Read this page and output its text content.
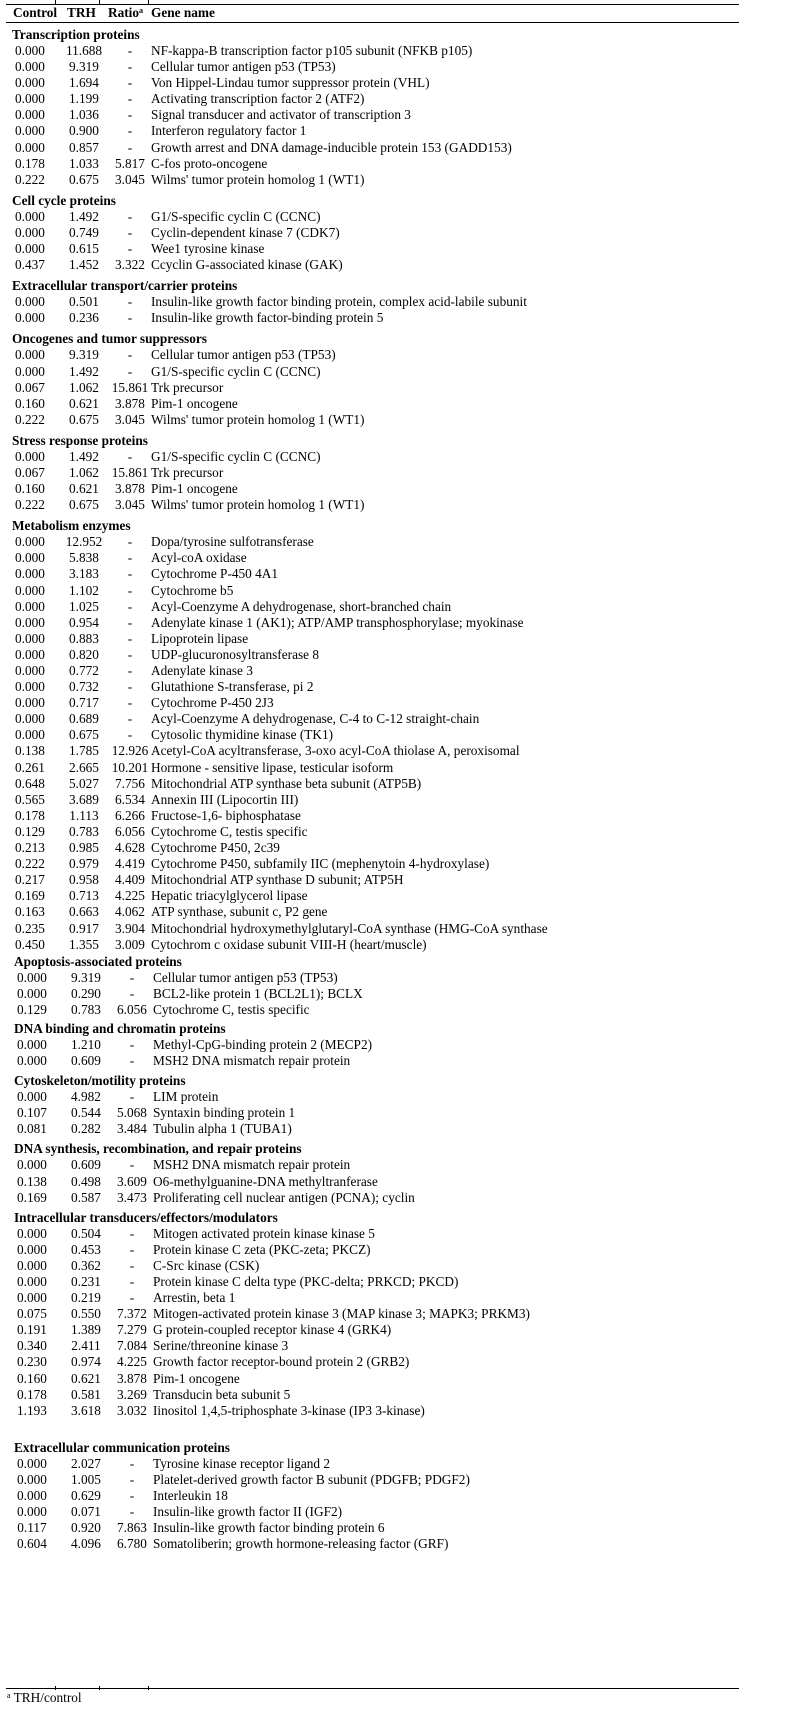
Control TRH Ratio$^a$ Gene name
Transcription proteins
0.000	11.688	-	NF-kappa-B transcription factor p105 subunit (NFKB p105)
0.000	9.319	-	Cellular tumor antigen p53 (TP53)
0.000	1.694	-	Von Hippel-Lindau tumor suppressor protein (VHL)
0.000	1.199	-	Activating transcription factor 2 (ATF2)
0.000	1.036	-	Signal transducer and activator of transcription 3
0.000	0.900	-	Interferon regulatory factor 1
0.000	0.857	-	Growth arrest and DNA damage-inducible protein 153 (GADD153)
0.178	1.033	5.817 C-fos proto-oncogene
0.222	0.675	3.045 Wilms' tumor protein homolog 1 (WT1)
Cell cycle proteins
0.000	1.492	-	G1/S-specific cyclin C (CCNC)
0.000	0.749	-	Cyclin-dependent kinase 7 (CDK7)
0.000	0.615	-	Wee1 tyrosine kinase
0.437	1.452	3.322 Ccyclin G-associated kinase (GAK)
Extracellular transport/carrier proteins
0.000	0.501	-	Insulin-like growth factor binding protein, complex acid-labile subunit
0.000	0.236	-	Insulin-like growth factor-binding protein 5
Oncogenes and tumor suppressors
0.000	9.319	-	Cellular tumor antigen p53 (TP53)
0.000	1.492	-	G1/S-specific cyclin C (CCNC)
0.067	1.062 15.861 Trk precursor
0.160	0.621	3.878 Pim-1 oncogene
0.222	0.675	3.045 Wilms' tumor protein homolog 1 (WT1)
Stress response proteins
0.000	1.492	-	G1/S-specific cyclin C (CCNC)
0.067	1.062 15.861 Trk precursor
0.160	0.621	3.878 Pim-1 oncogene
0.222	0.675	3.045 Wilms' tumor protein homolog 1 (WT1)
Metabolism enzymes
0.000	12.952	-	Dopa/tyrosine sulfotransferase
0.000	5.838	-	Acyl-coA oxidase
0.000	3.183	-	Cytochrome P-450 4A1
0.000	1.102	-	Cytochrome b5
0.000	1.025	-	Acyl-Coenzyme A dehydrogenase, short-branched chain
0.000	0.954	-	Adenylate kinase 1 (AK1); ATP/AMP transphosphorylase; myokinase
0.000	0.883	-	Lipoprotein lipase
0.000	0.820	-	UDP-glucuronosyltransferase 8
0.000	0.772	-	Adenylate kinase 3
0.000	0.732	-	Glutathione S-transferase, pi 2
0.000	0.717	-	Cytochrome P-450 2J3
0.000	0.689	-	Acyl-Coenzyme A dehydrogenase, C-4 to C-12 straight-chain
0.000	0.675	-	Cytosolic thymidine kinase (TK1)
0.138	1.785 12.926 Acetyl-CoA acyltransferase, 3-oxo acyl-CoA thiolase A, peroxisomal
0.261	2.665 10.201 Hormone - sensitive lipase, testicular isoform
0.648	5.027	7.756 Mitochondrial ATP synthase beta subunit (ATP5B)
0.565	3.689	6.534 Annexin III (Lipocortin III)
0.178	1.113	6.266 Fructose-1,6- biphosphatase
0.129	0.783	6.056 Cytochrome C, testis specific
0.213	0.985	4.628 Cytochrome P450, 2c39
0.222	0.979	4.419 Cytochrome P450, subfamily IIC (mephenytoin 4-hydroxylase)
0.217	0.958	4.409 Mitochondrial ATP synthase D subunit; ATP5H
0.169	0.713	4.225 Hepatic triacylglycerol lipase
0.163	0.663	4.062 ATP synthase, subunit c, P2 gene
0.235	0.917	3.904 Mitochondrial hydroxymethylglutaryl-CoA synthase (HMG-CoA synthase
0.450	1.355	3.009 Cytochrom c oxidase subunit VIII-H (heart/muscle)
Apoptosis-associated proteins
0.000	9.319	-	Cellular tumor antigen p53 (TP53)
0.000	0.290	-	BCL2-like protein 1 (BCL2L1); BCLX
0.129	0.783	6.056 Cytochrome C, testis specific
DNA binding and chromatin proteins
0.000	1.210	-	Methyl-CpG-binding protein 2 (MECP2)
0.000	0.609	-	MSH2 DNA mismatch repair protein
Cytoskeleton/motility proteins
0.000	4.982	-	LIM protein
0.107	0.544	5.068 Syntaxin binding protein 1
0.081	0.282	3.484 Tubulin alpha 1 (TUBA1)
DNA synthesis, recombination, and repair proteins
0.000	0.609	-	MSH2 DNA mismatch repair protein
0.138	0.498	3.609 O6-methylguanine-DNA methyltranferase
0.169	0.587	3.473 Proliferating cell nuclear antigen (PCNA); cyclin
Intracellular transducers/effectors/modulators
0.000	0.504	-	Mitogen activated protein kinase kinase 5
0.000	0.453	-	Protein kinase C zeta (PKC-zeta; PKCZ)
0.000	0.362	-	C-Src kinase (CSK)
0.000	0.231	-	Protein kinase C delta type (PKC-delta; PRKCD; PKCD)
0.000	0.219	-	Arrestin, beta 1
0.075	0.550	7.372 Mitogen-activated protein kinase 3 (MAP kinase 3; MAPK3; PRKM3)
0.191	1.389	7.279 G protein-coupled receptor kinase 4 (GRK4)
0.340	2.411	7.084 Serine/threonine kinase 3
0.230	0.974	4.225 Growth factor receptor-bound protein 2 (GRB2)
0.160	0.621	3.878 Pim-1 oncogene
0.178	0.581	3.269 Transducin beta subunit 5
1.193	3.618	3.032 Iinositol 1,4,5-triphosphate 3-kinase (IP3 3-kinase)
Extracellular communication proteins
0.000	2.027	-	Tyrosine kinase receptor ligand 2
0.000	1.005	-	Platelet-derived growth factor B subunit (PDGFB; PDGF2)
0.000	0.629	-	Interleukin 18
0.000	0.071	-	Insulin-like growth factor II (IGF2)
0.117	0.920	7.863 Insulin-like growth factor binding protein 6
0.604	4.096	6.780 Somatoliberin; growth hormone-releasing factor (GRF)
$^a$ TRH/control
